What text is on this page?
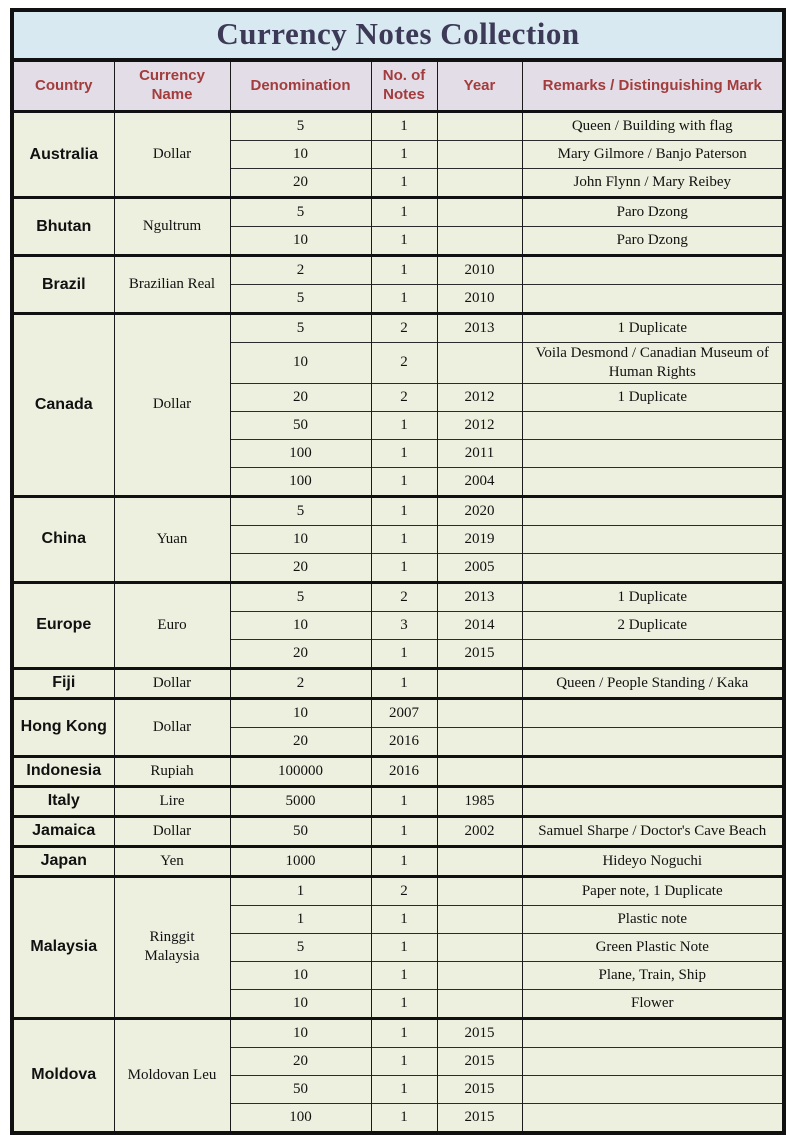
Currency Notes Collection
Country	Currency Name	Denomination	No. of Notes	Year	Remarks / Distinguishing Mark
Australia	Dollar	5	1		Queen / Building with flag
		10	1		Mary Gilmore / Banjo Paterson
		20	1		John Flynn / Mary Reibey
Bhutan	Ngultrum	5	1		Paro Dzong
		10	1		Paro Dzong
Brazil	Brazilian Real	2	1	2010	
		5	1	2010	
Canada	Dollar	5	2	2013	1 Duplicate
		10	2		Voila Desmond / Canadian Museum of Human Rights
		20	2	2012	1 Duplicate
		50	1	2012	
		100	1	2011	
		100	1	2004	
China	Yuan	5	1	2020	
		10	1	2019	
		20	1	2005	
Europe	Euro	5	2	2013	1 Duplicate
		10	3	2014	2 Duplicate
		20	1	2015	
Fiji	Dollar	2	1		Queen / People Standing / Kaka
Hong Kong	Dollar	10	2007		
		20	2016		
Indonesia	Rupiah	100000	2016		
Italy	Lire	5000	1	1985	
Jamaica	Dollar	50	1	2002	Samuel Sharpe / Doctor's Cave Beach
Japan	Yen	1000	1		Hideyo Noguchi
Malaysia	Ringgit Malaysia	1	2		Paper note, 1 Duplicate
		1	1		Plastic note
		5	1		Green Plastic Note
		10	1		Plane, Train, Ship
		10	1		Flower
Moldova	Moldovan Leu	10	1	2015	
		20	1	2015	
		50	1	2015	
		100	1	2015	
